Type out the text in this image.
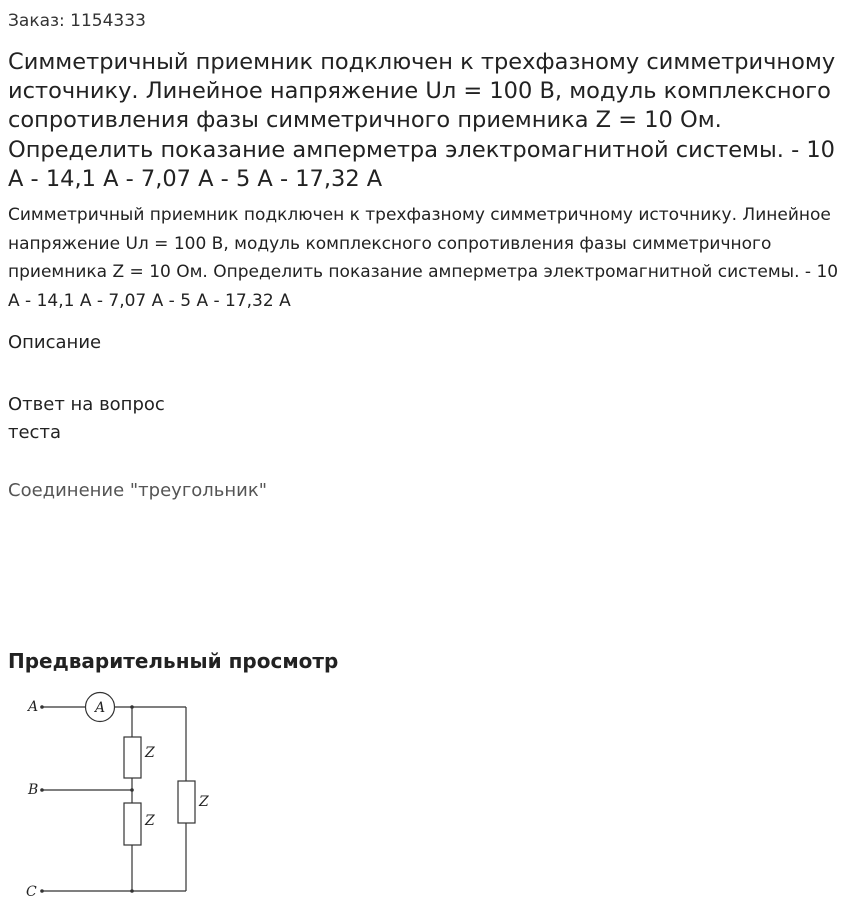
Заказ: 1154333
Симметричный приемник подключен к трехфазному симметричному источнику. Линейное напряжение Uл = 100 В, модуль комплексного сопротивления фазы симметричного приемника Z = 10 Ом. Определить показание амперметра электромагнитной системы. - 10 А - 14,1 А - 7,07 А - 5 А - 17,32 А

Симметричный приемник подключен к трехфазному симметричному источнику. Линейное напряжение Uл = 100 В, модуль комплексного сопротивления фазы симметричного приемника Z = 10 Ом. Определить показание амперметра электромагнитной системы. - 10 А - 14,1 А - 7,07 А - 5 А - 17,32 А

Описание
Ответ на вопрос теста
Соединение "треугольник"
Предварительный просмотр
A
B
C
A
Z
Z
Z
